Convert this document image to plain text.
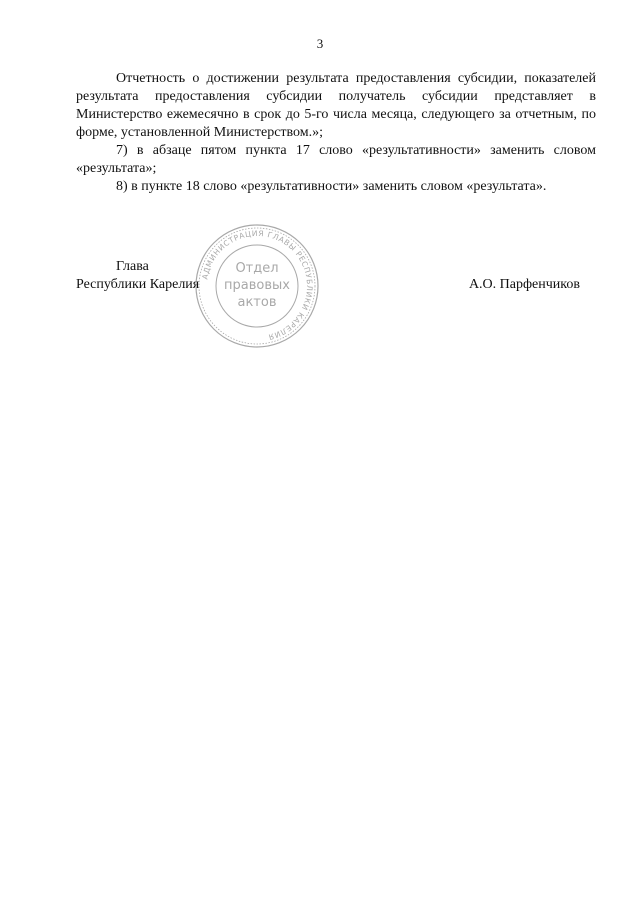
3

Отчетность о достижении результата предоставления субсидии, показателей результата предоставления субсидии получатель субсидии представляет в Министерство ежемесячно в срок до 5-го числа месяца, следующего за отчетным, по форме, установленной Министерством.»;

7) в абзаце пятом пункта 17 слово «результативности» заменить словом «результата»;

8) в пункте 18 слово «результативности» заменить словом «результата».

Глава
Республики Карелия	А.О. Парфенчиков
АДМИНИСТРАЦИЯ ГЛАВЫ РЕСПУБЛИКИ КАРЕЛИЯ
Отдел
правовых
актов
